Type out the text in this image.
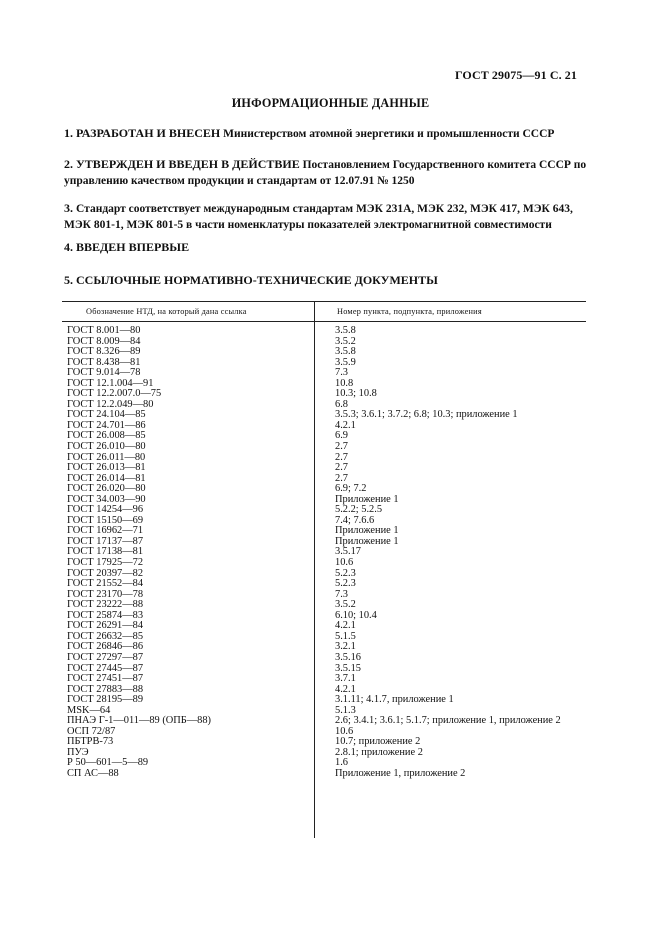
ГОСТ 29075—91 С. 21
ИНФОРМАЦИОННЫЕ ДАННЫЕ
1. РАЗРАБОТАН И ВНЕСЕН Министерством атомной энергетики и промышленности СССР
2. УТВЕРЖДЕН И ВВЕДЕН В ДЕЙСТВИЕ Постановлением Государственного комитета СССР по управлению качеством продукции и стандартам от 12.07.91 № 1250
3. Стандарт соответствует международным стандартам МЭК 231А, МЭК 232, МЭК 417, МЭК 643, МЭК 801-1, МЭК 801-5 в части номенклатуры показателей электромагнитной совместимости
4. ВВЕДЕН ВПЕРВЫЕ
5. ССЫЛОЧНЫЕ НОРМАТИВНО-ТЕХНИЧЕСКИЕ ДОКУМЕНТЫ
Обозначение НТД, на который дана ссылка	Номер пункта, подпункта, приложения
ГОСТ 8.001—80	3.5.8
ГОСТ 8.009—84	3.5.2
ГОСТ 8.326—89	3.5.8
ГОСТ 8.438—81	3.5.9
ГОСТ 9.014—78	7.3
ГОСТ 12.1.004—91	10.8
ГОСТ 12.2.007.0—75	10.3; 10.8
ГОСТ 12.2.049—80	6.8
ГОСТ 24.104—85	3.5.3; 3.6.1; 3.7.2; 6.8; 10.3; приложение 1
ГОСТ 24.701—86	4.2.1
ГОСТ 26.008—85	6.9
ГОСТ 26.010—80	2.7
ГОСТ 26.011—80	2.7
ГОСТ 26.013—81	2.7
ГОСТ 26.014—81	2.7
ГОСТ 26.020—80	6.9; 7.2
ГОСТ 34.003—90	Приложение 1
ГОСТ 14254—96	5.2.2; 5.2.5
ГОСТ 15150—69	7.4; 7.6.6
ГОСТ 16962—71	Приложение 1
ГОСТ 17137—87	Приложение 1
ГОСТ 17138—81	3.5.17
ГОСТ 17925—72	10.6
ГОСТ 20397—82	5.2.3
ГОСТ 21552—84	5.2.3
ГОСТ 23170—78	7.3
ГОСТ 23222—88	3.5.2
ГОСТ 25874—83	6.10; 10.4
ГОСТ 26291—84	4.2.1
ГОСТ 26632—85	5.1.5
ГОСТ 26846—86	3.2.1
ГОСТ 27297—87	3.5.16
ГОСТ 27445—87	3.5.15
ГОСТ 27451—87	3.7.1
ГОСТ 27883—88	4.2.1
ГОСТ 28195—89	3.1.11; 4.1.7, приложение 1
MSK—64	5.1.3
ПНАЭ Г-1—011—89 (ОПБ—88)	2.6; 3.4.1; 3.6.1; 5.1.7; приложение 1, приложение 2
ОСП 72/87	10.6
ПБТРВ-73	10.7; приложение 2
ПУЭ	2.8.1; приложение 2
Р 50—601—5—89	1.6
СП АС—88	Приложение 1, приложение 2
